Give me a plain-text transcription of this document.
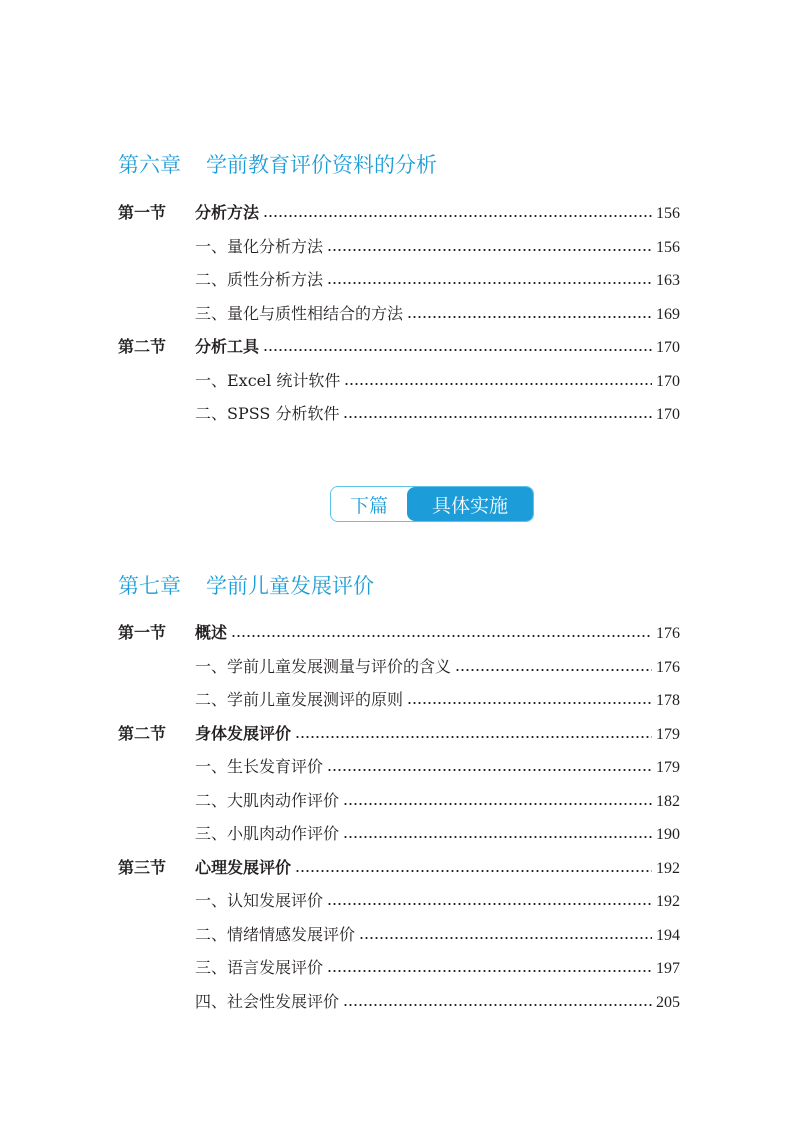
第六章 学前教育评价资料的分析
第一节	分析方法	156
一、量化分析方法	156
二、质性分析方法	163
三、量化与质性相结合的方法	169
第二节	分析工具	170
一、Excel 统计软件	170
二、SPSS 分析软件	170
下篇	具体实施
第七章 学前儿童发展评价
第一节	概述	176
一、学前儿童发展测量与评价的含义	176
二、学前儿童发展测评的原则	178
第二节	身体发展评价	179
一、生长发育评价	179
二、大肌肉动作评价	182
三、小肌肉动作评价	190
第三节	心理发展评价	192
一、认知发展评价	192
二、情绪情感发展评价	194
三、语言发展评价	197
四、社会性发展评价	205
